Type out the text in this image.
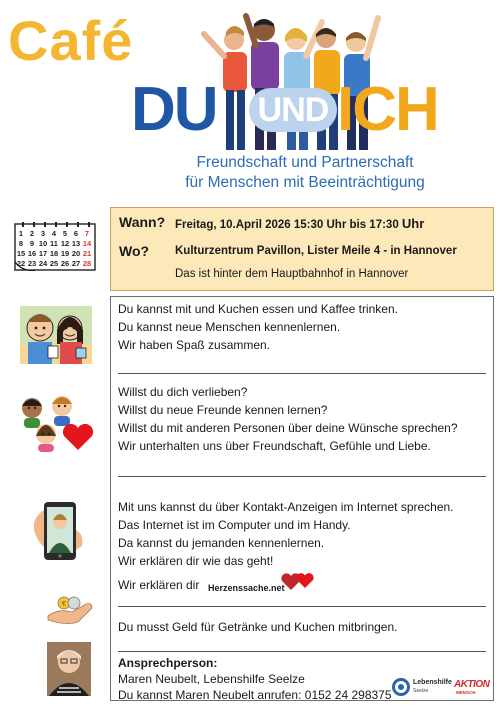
Café
DU UND ICH
Freundschaft und Partnerschaft
für Menschen mit Beeinträchtigung
1 2 3 4 5 6 7
8 9 10 11 12 13 14
15 16 17 18 19 20 21
22 23 24 25 26 27 28
Wann? Freitag, 10.April 2026 15:30 Uhr bis 17:30 Uhr
Wo? Kulturzentrum Pavillon, Lister Meile 4 - in Hannover
Das ist hinter dem Hauptbahnhof in Hannover
Du kannst mit und Kuchen essen und Kaffee trinken.
Du kannst neue Menschen kennenlernen.
Wir haben Spaß zusammen.
Willst du dich verlieben?
Willst du neue Freunde kennen lernen?
Willst du mit anderen Personen über deine Wünsche sprechen?
Wir unterhalten uns über Freundschaft, Gefühle und Liebe.
Mit uns kannst du über Kontakt-Anzeigen im Internet sprechen.
Das Internet ist im Computer und im Handy.
Da kannst du jemanden kennenlernen.
Wir erklären dir wie das geht!
Wir erklären dir Herzenssache.net
€
Du musst Geld für Getränke und Kuchen mitbringen.
Ansprechperson:
Maren Neubelt, Lebenshilfe Seelze
Du kannst Maren Neubelt anrufen: 0152 24 298375
Lebenshilfe
Seelze
AKTION
MENSCH
